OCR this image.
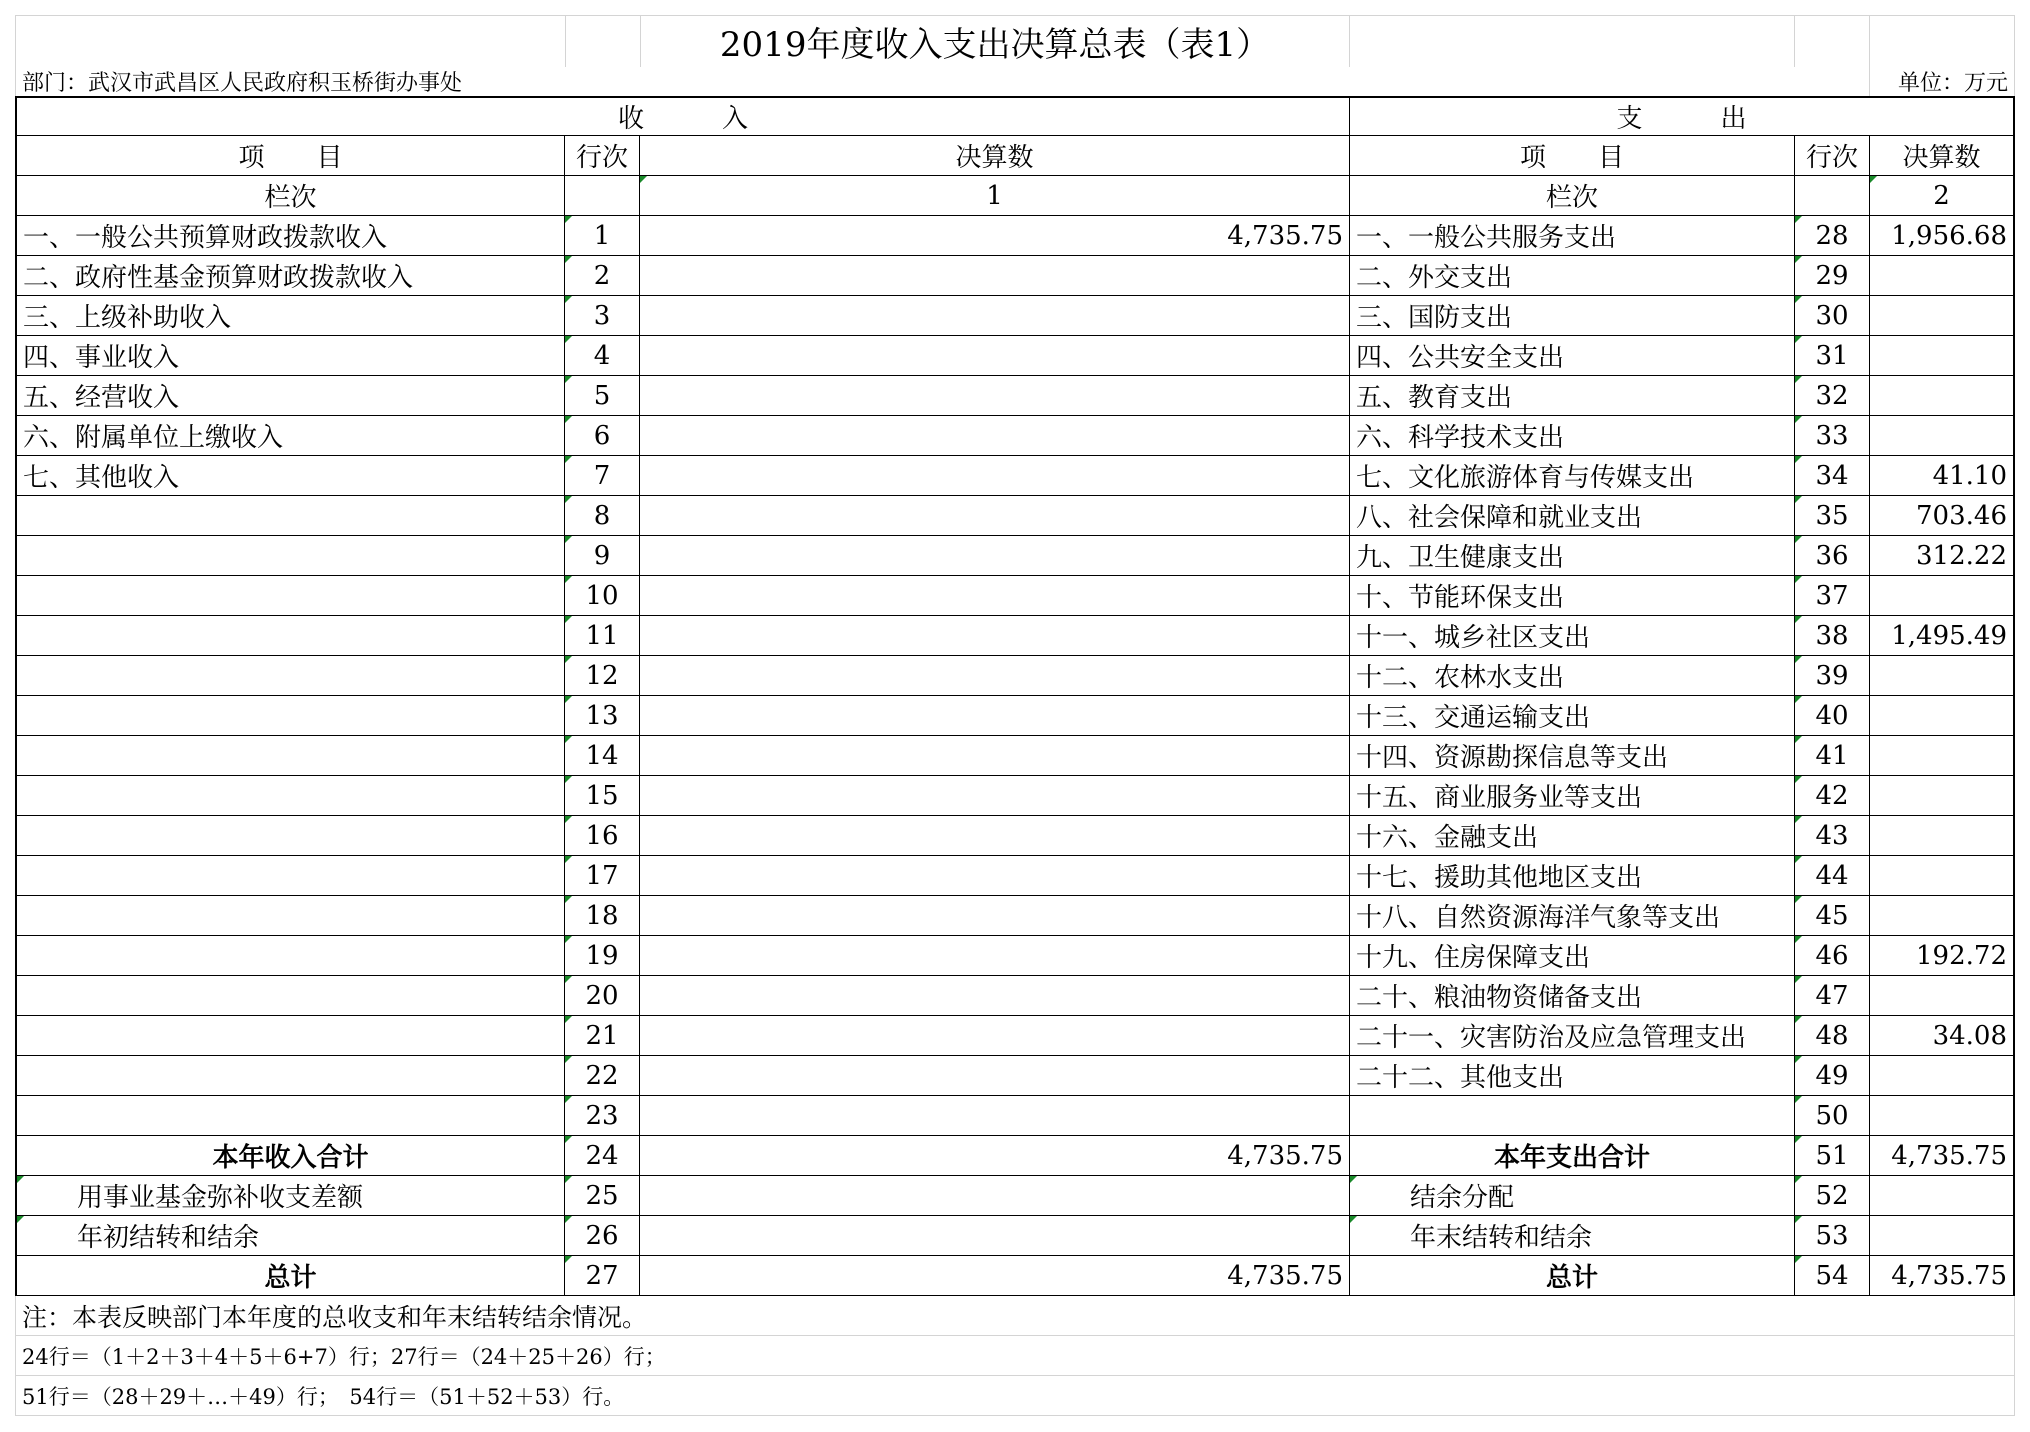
2019年度收入支出决算总表（表1）
部门：武汉市武昌区人民政府积玉桥街办事处	单位：万元
收　　　入	支　　　出
项　　目	行次	决算数	项　　目	行次	决算数
栏次	1	栏次	2
一、一般公共预算财政拨款收入	1	4,735.75 一、一般公共服务支出	28	1,956.68
二、政府性基金预算财政拨款收入	2	二、外交支出	29
三、上级补助收入	3	三、国防支出	30
四、事业收入	4	四、公共安全支出	31
五、经营收入	5	五、教育支出	32
六、附属单位上缴收入	6	六、科学技术支出	33
七、其他收入	7	七、文化旅游体育与传媒支出	34	41.10
8	八、社会保障和就业支出	35	703.46
9	九、卫生健康支出	36	312.22
10	十、节能环保支出	37
11	十一、城乡社区支出	38	1,495.49
12	十二、农林水支出	39
13	十三、交通运输支出	40
14	十四、资源勘探信息等支出	41
15	十五、商业服务业等支出	42
16	十六、金融支出	43
17	十七、援助其他地区支出	44
18	十八、自然资源海洋气象等支出	45
19	十九、住房保障支出	46	192.72
20	二十、粮油物资储备支出	47
21	二十一、灾害防治及应急管理支出	48	34.08
22	二十二、其他支出	49
23	50
本年收入合计	24	4,735.75	本年支出合计	51	4,735.75
用事业基金弥补收支差额	25	结余分配	52
年初结转和结余	26	年末结转和结余	53
总计	27	4,735.75	总计	54	4,735.75
注：本表反映部门本年度的总收支和年末结转结余情况。
24行＝（1＋2＋3＋4＋5＋6+7）行；27行＝（24＋25＋26）行；
51行＝（28＋29＋…＋49）行；　54行＝（51＋52＋53）行。
